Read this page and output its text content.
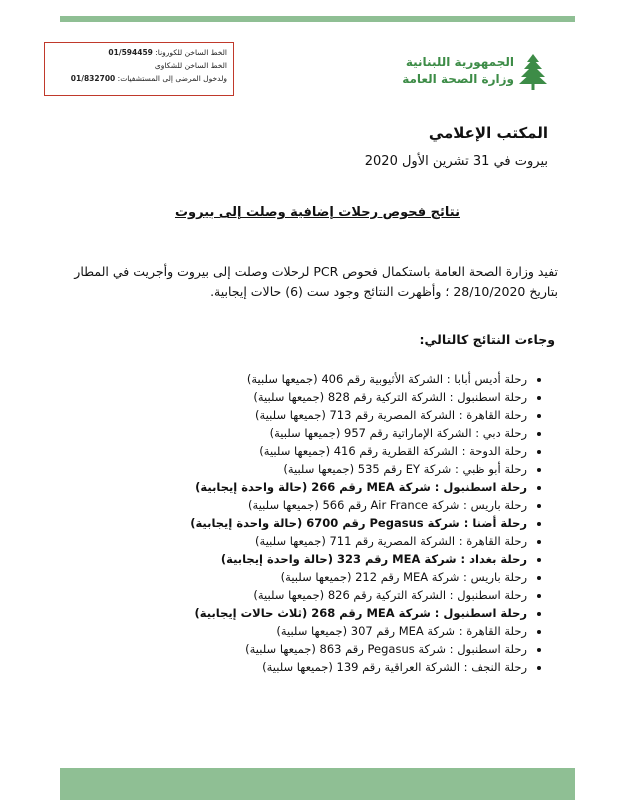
الخط الساخن للكورونا: 01/594459
الخط الساخن للشكاوى
ولدخول المرضى إلى المستشفيات: 01/832700
الجمهورية اللبنانية
وزارة الصحة العامة
المكتب الإعلامي
بيروت في 31 تشرين الأول 2020
نتائج فحوص رحلات إضافية وصلت إلى بيروت
تفيد وزارة الصحة العامة باستكمال فحوص PCR لرحلات وصلت إلى بيروت وأجريت في المطار بتاريخ 28/10/2020 ؛ وأظهرت النتائج وجود ست (6) حالات إيجابية.
وجاءت النتائج كالتالي:
• رحلة أديس أبابا : الشركة الأثيوبية رقم 406 (جميعها سلبية)
• رحلة اسطنبول : الشركة التركية رقم 828 (جميعها سلبية)
• رحلة القاهرة : الشركة المصرية رقم 713 (جميعها سلبية)
• رحلة دبي : الشركة الإماراتية رقم 957 (جميعها سلبية)
• رحلة الدوحة : الشركة القطرية رقم 416 (جميعها سلبية)
• رحلة أبو ظبي : شركة EY رقم 535 (جميعها سلبية)
• رحلة اسطنبول : شركة MEA رقم 266 (حالة واحدة إيجابية)
• رحلة باريس : شركة Air France رقم 566 (جميعها سلبية)
• رحلة أضنا : شركة Pegasus رقم 6700 (حالة واحدة إيجابية)
• رحلة القاهرة : الشركة المصرية رقم 711 (جميعها سلبية)
• رحلة بغداد : شركة MEA رقم 323 (حالة واحدة إيجابية)
• رحلة باريس : شركة MEA رقم 212 (جميعها سلبية)
• رحلة اسطنبول : الشركة التركية رقم 826 (جميعها سلبية)
• رحلة اسطنبول : شركة MEA رقم 268 (ثلاث حالات إيجابية)
• رحلة القاهرة : شركة MEA رقم 307 (جميعها سلبية)
• رحلة اسطنبول : شركة Pegasus رقم 863 (جميعها سلبية)
• رحلة النجف : الشركة العراقية رقم 139 (جميعها سلبية)
